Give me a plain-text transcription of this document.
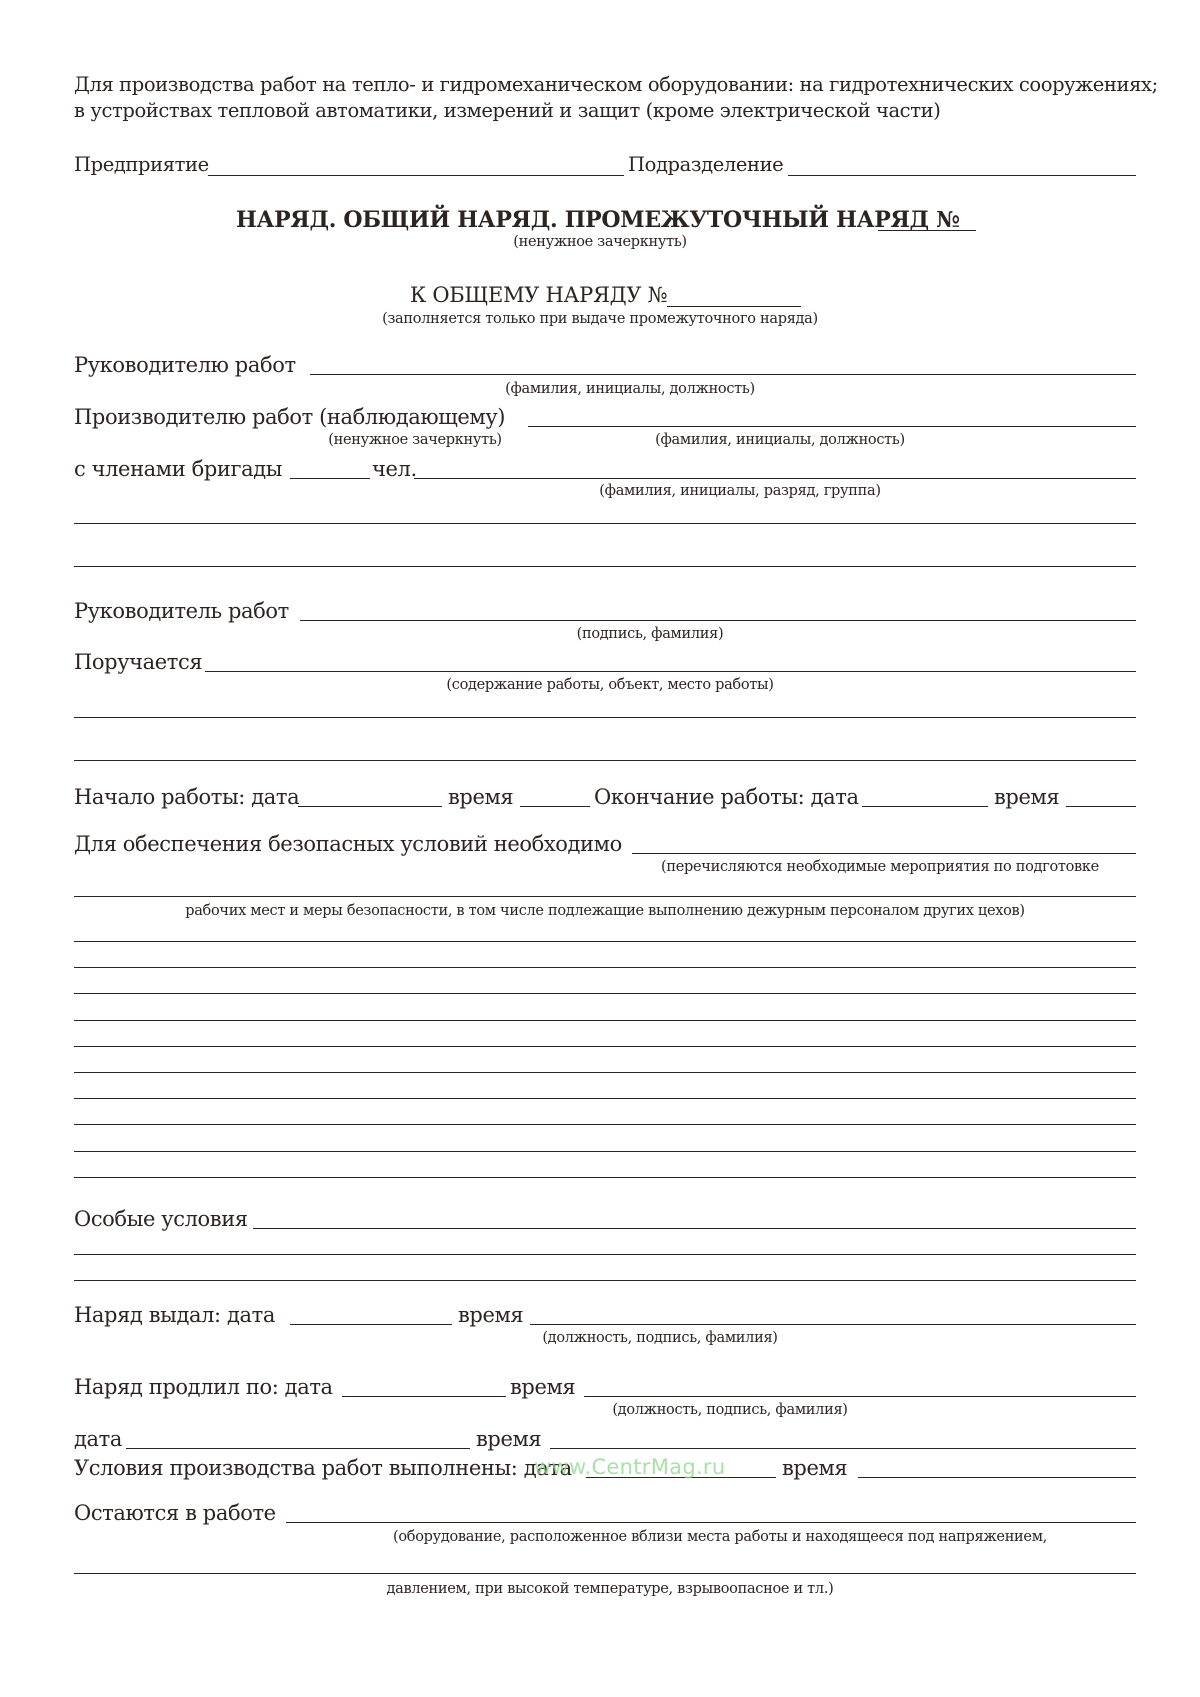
Для производства работ на тепло- и гидромеханическом оборудовании: на гидротехнических сооружениях;
в устройствах тепловой автоматики, измерений и защит (кроме электрической части)
Предприятие	Подразделение
НАРЯД. ОБЩИЙ НАРЯД. ПРОМЕЖУТОЧНЫЙ НАРЯД №
(ненужное зачеркнуть)
К ОБЩЕМУ НАРЯДУ №
(заполняется только при выдаче промежуточного наряда)
Руководителю работ
(фамилия, инициалы, должность)
Производителю работ (наблюдающему)
(ненужное зачеркнуть)	(фамилия, инициалы, должность)
с членами бригады	чел.
(фамилия, инициалы, разряд, группа)
Руководитель работ
(подпись, фамилия)
Поручается
(содержание работы, объект, место работы)
Начало работы: дата	время	Окончание работы: дата	время
Для обеспечения безопасных условий необходимо
(перечисляются необходимые мероприятия по подготовке
рабочих мест и меры безопасности, в том числе подлежащие выполнению дежурным персоналом других цехов)
Особые условия
Наряд выдал: дата	время
(должность, подпись, фамилия)
Наряд продлил по: дата	время
(должность, подпись, фамилия)
дата	время
Условия производства работ выполнены: дата	время
www.CentrMag.ru
Остаются в работе
(оборудование, расположенное вблизи места работы и находящееся под напряжением,
давлением, при высокой температуре, взрывоопасное и тл.)
